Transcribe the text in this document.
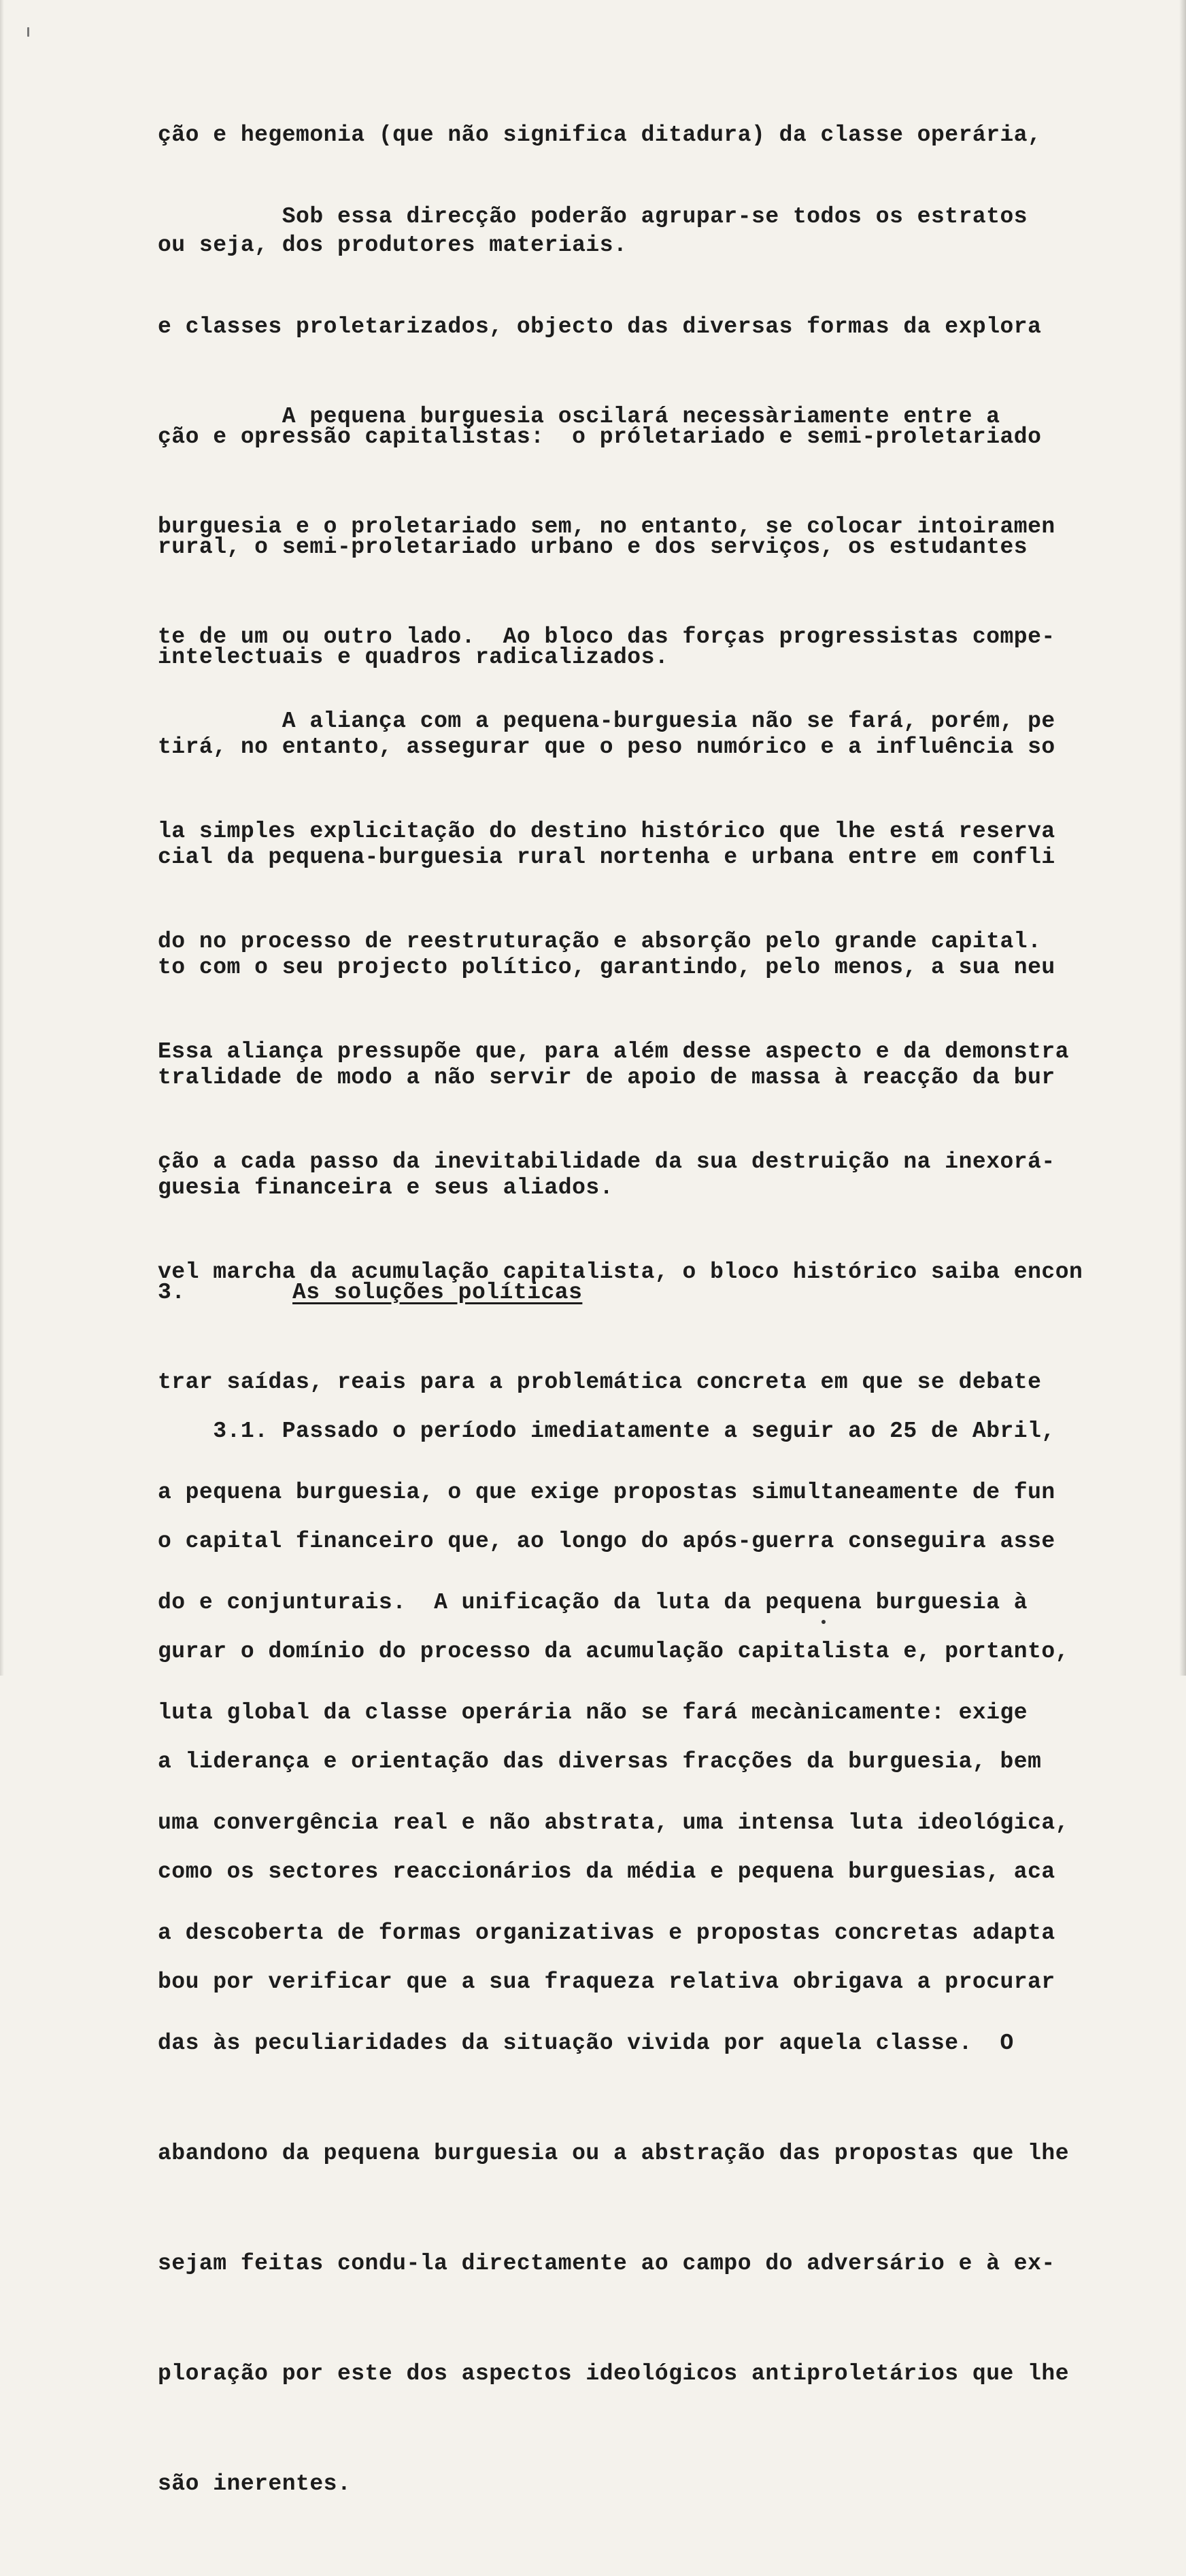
ção e hegemonia (que não significa ditadura) da classe operária,

ou seja, dos produtores materiais.

Sob essa direcção poderão agrupar-se todos os estratos

e classes proletarizados, objecto das diversas formas da explora

ção e opressão capitalistas:  o próletariado e semi-proletariado

rural, o semi-proletariado urbano e dos serviços, os estudantes

intelectuais e quadros radicalizados.

A pequena burguesia oscilará necessàriamente entre a

burguesia e o proletariado sem, no entanto, se colocar intoiramen

te de um ou outro lado.  Ao bloco das forças progressistas compe-

tirá, no entanto, assegurar que o peso numórico e a influência so

cial da pequena-burguesia rural nortenha e urbana entre em confli

to com o seu projecto político, garantindo, pelo menos, a sua neu

tralidade de modo a não servir de apoio de massa à reacção da bur

guesia financeira e seus aliados.

A aliança com a pequena-burguesia não se fará, porém, pe

la simples explicitação do destino histórico que lhe está reserva

do no processo de reestruturação e absorção pelo grande capital.

Essa aliança pressupõe que, para além desse aspecto e da demonstra

ção a cada passo da inevitabilidade da sua destruição na inexorá-

vel marcha da acumulação capitalista, o bloco histórico saiba encon

trar saídas, reais para a problemática concreta em que se debate

a pequena burguesia, o que exige propostas simultaneamente de fun

do e conjunturais.  A unificação da luta da pequena burguesia à

luta global da classe operária não se fará mecànicamente: exige

uma convergência real e não abstrata, uma intensa luta ideológica,

a descoberta de formas organizativas e propostas concretas adapta

das às peculiaridades da situação vivida por aquela classe.  O

abandono da pequena burguesia ou a abstração das propostas que lhe

sejam feitas condu-la directamente ao campo do adversário e à ex-

ploração por este dos aspectos ideológicos antiproletários que lhe

são inerentes.

3.	As soluções políticas

3.1. Passado o período imediatamente a seguir ao 25 de Abril,

o capital financeiro que, ao longo do após-guerra conseguira asse

gurar o domínio do processo da acumulação capitalista e, portanto,

a liderança e orientação das diversas fracções da burguesia, bem

como os sectores reaccionários da média e pequena burguesias, aca

bou por verificar que a sua fraqueza relativa obrigava a procurar
